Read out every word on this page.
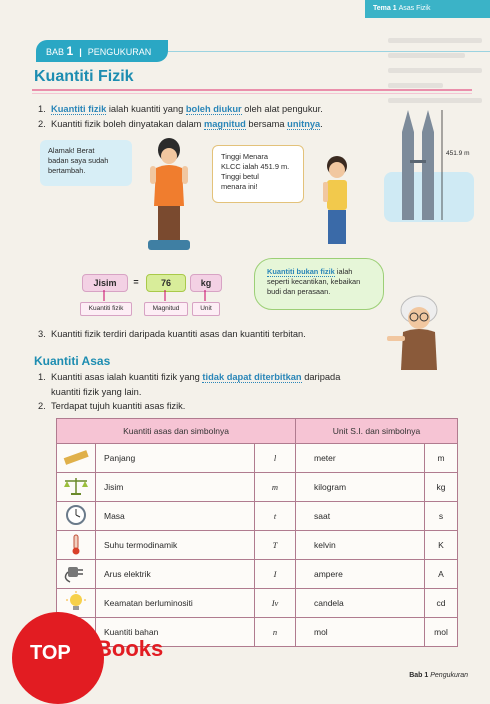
Tema 1 Asas Fizik
BAB 1 | PENGUKURAN
Kuantiti Fizik
1. Kuantiti fizik ialah kuantiti yang boleh diukur oleh alat pengukur.
2. Kuantiti fizik boleh dinyatakan dalam magnitud bersama unitnya.
Alamak! Berat
badan saya sudah
bertambah.
Tinggi Menara
KLCC ialah 451.9 m.
Tinggi betul
menara ini!
451.9 m
Jisim	=	76	kg
Kuantiti fizik	Magnitud	Unit
Kuantiti bukan fizik ialah
seperti kecantikan, kebaikan
budi dan perasaan.
3. Kuantiti fizik terdiri daripada kuantiti asas dan kuantiti terbitan.
Kuantiti Asas
1. Kuantiti asas ialah kuantiti fizik yang tidak dapat diterbitkan daripada
kuantiti fizik yang lain.
2. Terdapat tujuh kuantiti asas fizik.
Kuantiti asas dan simbolnya			Unit S.I. dan simbolnya	
	Panjang	l	meter	m
	Jisim	m	kilogram	kg
	Masa	t	saat	s
	Suhu termodinamik	T	kelvin	K
	Arus elektrik	I	ampere	A
	Keamatan berluminositi	Iv	candela	cd
	Kuantiti bahan	n	mol	mol
TOP Books
Bab 1 Pengukuran
